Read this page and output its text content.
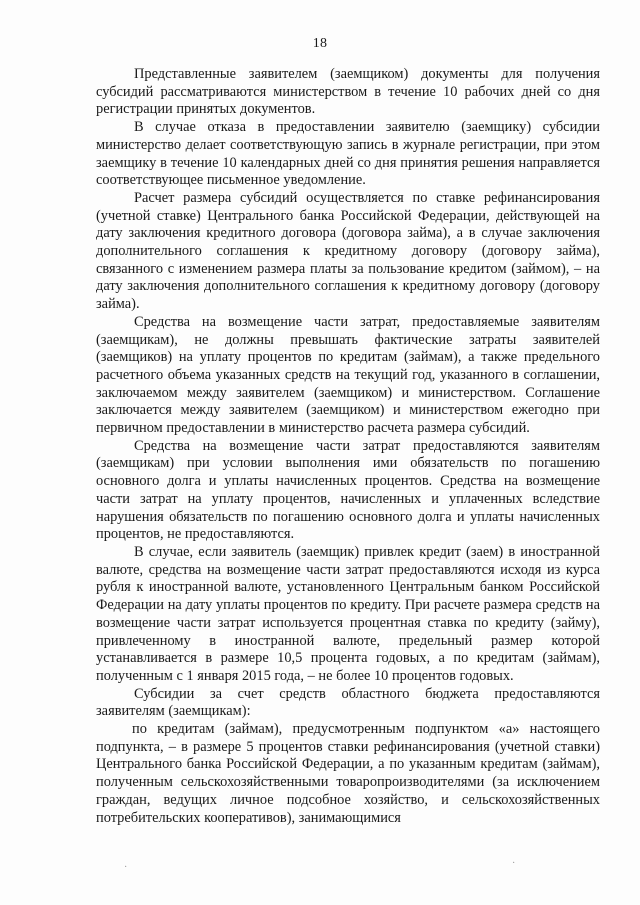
18

Представленные заявителем (заемщиком) документы для получения субсидий рассматриваются министерством в течение 10 рабочих дней со дня регистрации принятых документов.

В случае отказа в предоставлении заявителю (заемщику) субсидии министерство делает соответствующую запись в журнале регистрации, при этом заемщику в течение 10 календарных дней со дня принятия решения направляется соответствующее письменное уведомление.

Расчет размера субсидий осуществляется по ставке рефинансирования (учетной ставке) Центрального банка Российской Федерации, действующей на дату заключения кредитного договора (договора займа), а в случае заключения дополнительного соглашения к кредитному договору (договору займа), связанного с изменением размера платы за пользование кредитом (займом), – на дату заключения дополнительного соглашения к кредитному договору (договору займа).

Средства на возмещение части затрат, предоставляемые заявителям (заемщикам), не должны превышать фактические затраты заявителей (заемщиков) на уплату процентов по кредитам (займам), а также предельного расчетного объема указанных средств на текущий год, указанного в соглашении, заключаемом между заявителем (заемщиком) и министерством. Соглашение заключается между заявителем (заемщиком) и министерством ежегодно при первичном предоставлении в министерство расчета размера субсидий.

Средства на возмещение части затрат предоставляются заявителям (заемщикам) при условии выполнения ими обязательств по погашению основного долга и уплаты начисленных процентов. Средства на возмещение части затрат на уплату процентов, начисленных и уплаченных вследствие нарушения обязательств по погашению основного долга и уплаты начисленных процентов, не предоставляются.

В случае, если заявитель (заемщик) привлек кредит (заем) в иностранной валюте, средства на возмещение части затрат предоставляются исходя из курса рубля к иностранной валюте, установленного Центральным банком Российской Федерации на дату уплаты процентов по кредиту. При расчете размера средств на возмещение части затрат используется процентная ставка по кредиту (займу), привлеченному в иностранной валюте, предельный размер которой устанавливается в размере 10,5 процента годовых, а по кредитам (займам), полученным с 1 января 2015 года, – не более 10 процентов годовых.

Субсидии за счет средств областного бюджета предоставляются заявителям (заемщикам):

по кредитам (займам), предусмотренным подпунктом «а» настоящего подпункта, – в размере 5 процентов ставки рефинансирования (учетной ставки) Центрального банка Российской Федерации, а по указанным кредитам (займам), полученным сельскохозяйственными товаропроизводителями (за исключением граждан, ведущих личное подсобное хозяйство, и сельскохозяйственных потребительских кооперативов), занимающимися

·	·
